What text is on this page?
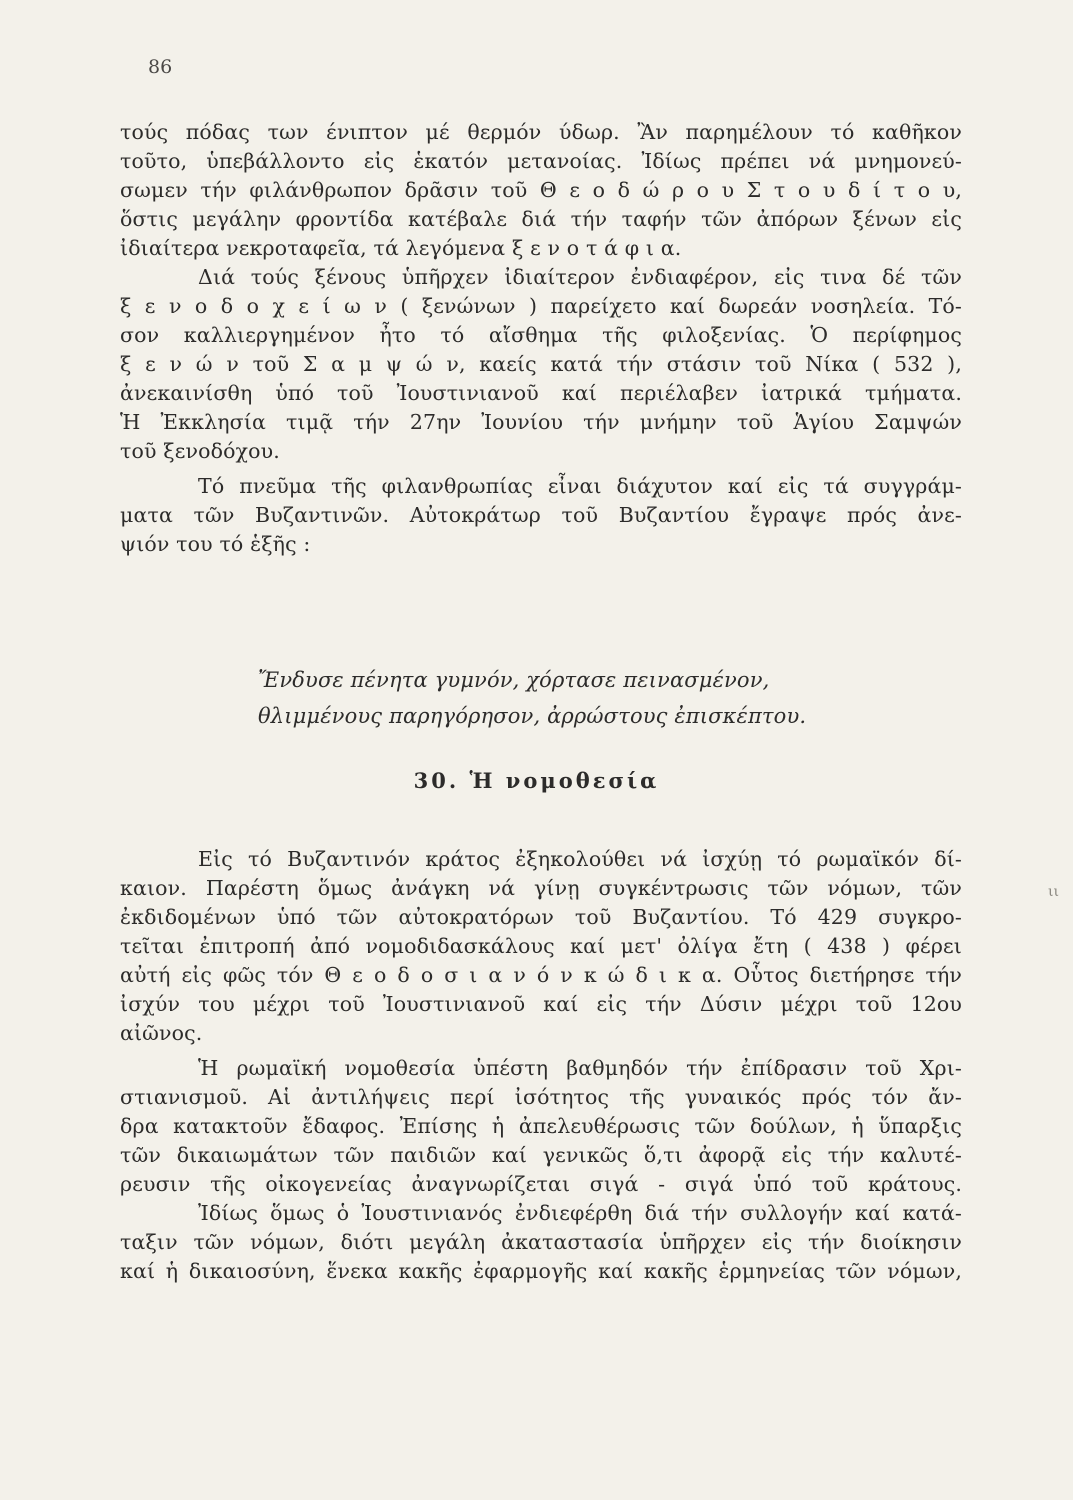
86
τούς πόδας των ένιπτον μέ θερμόν ύδωρ. Ἂν παρημέλουν τό καθῆκον
τοῦτο, ὑπεβάλλοντο εἰς ἑκατόν μετανοίας. Ἰδίως πρέπει νά μνημονεύ-
σωμεν τήν φιλάνθρωπον δρᾶσιν τοῦ Θ ε ο δ ώ ρ ο υ Σ τ ο υ δ ί τ ο υ,
ὅστις μεγάλην φροντίδα κατέβαλε διά τήν ταφήν τῶν ἀπόρων ξένων εἰς
ἰδιαίτερα νεκροταφεῖα, τά λεγόμενα ξ ε ν ο τ ά φ ι α.
Διά τούς ξένους ὑπῆρχεν ἰδιαίτερον ἐνδιαφέρον, εἰς τινα δέ τῶν
ξ ε ν ο δ ο χ ε ί ω ν ( ξενώνων ) παρείχετο καί δωρεάν νοσηλεία. Τό-
σον καλλιεργημένον ἦτο τό αἴσθημα τῆς φιλοξενίας. Ὁ περίφημος
ξ ε ν ώ ν τοῦ Σ α μ ψ ώ ν, καείς κατά τήν στάσιν τοῦ Νίκα ( 532 ),
ἀνεκαινίσθη ὑπό τοῦ Ἰουστινιανοῦ καί περιέλαβεν ἰατρικά τμήματα.
Ἡ Ἐκκλησία τιμᾷ τήν 27ην Ἰουνίου τήν μνήμην τοῦ Ἁγίου Σαμψών
τοῦ ξενοδόχου.
Τό πνεῦμα τῆς φιλανθρωπίας εἶναι διάχυτον καί εἰς τά συγγράμ-
ματα τῶν Βυζαντινῶν. Αὐτοκράτωρ τοῦ Βυζαντίου ἔγραψε πρός ἀνε-
ψιόν του τό ἑξῆς :
Ἔνδυσε πένητα γυμνόν, χόρτασε πεινασμένον,
θλιμμένους παρηγόρησον, ἀρρώστους ἐπισκέπτου.
30. Ἡ νομοθεσία
ιι
Εἰς τό Βυζαντινόν κράτος ἐξηκολούθει νά ἰσχύῃ τό ρωμαϊκόν δί-
καιον. Παρέστη ὅμως ἀνάγκη νά γίνῃ συγκέντρωσις τῶν νόμων, τῶν
ἐκδιδομένων ὑπό τῶν αὐτοκρατόρων τοῦ Βυζαντίου. Τό 429 συγκρο-
τεῖται ἐπιτροπή ἀπό νομοδιδασκάλους καί μετ' ὀλίγα ἔτη ( 438 ) φέρει
αὐτή εἰς φῶς τόν Θ ε ο δ ο σ ι α ν ό ν κ ώ δ ι κ α. Οὗτος διετήρησε τήν
ἰσχύν του μέχρι τοῦ Ἰουστινιανοῦ καί εἰς τήν Δύσιν μέχρι τοῦ 12ου
αἰῶνος.
Ἡ ρωμαϊκή νομοθεσία ὑπέστη βαθμηδόν τήν ἐπίδρασιν τοῦ Χρι-
στιανισμοῦ. Αἱ ἀντιλήψεις περί ἰσότητος τῆς γυναικός πρός τόν ἄν-
δρα κατακτοῦν ἔδαφος. Ἐπίσης ἡ ἀπελευθέρωσις τῶν δούλων, ἡ ὕπαρξις
τῶν δικαιωμάτων τῶν παιδιῶν καί γενικῶς ὅ,τι ἀφορᾷ εἰς τήν καλυτέ-
ρευσιν τῆς οἰκογενείας ἀναγνωρίζεται σιγά - σιγά ὑπό τοῦ κράτους.
Ἰδίως ὅμως ὁ Ἰουστινιανός ἐνδιεφέρθη διά τήν συλλογήν καί κατά-
ταξιν τῶν νόμων, διότι μεγάλη ἀκαταστασία ὑπῆρχεν εἰς τήν διοίκησιν
καί ἡ δικαιοσύνη, ἕνεκα κακῆς ἐφαρμογῆς καί κακῆς ἑρμηνείας τῶν νόμων,
